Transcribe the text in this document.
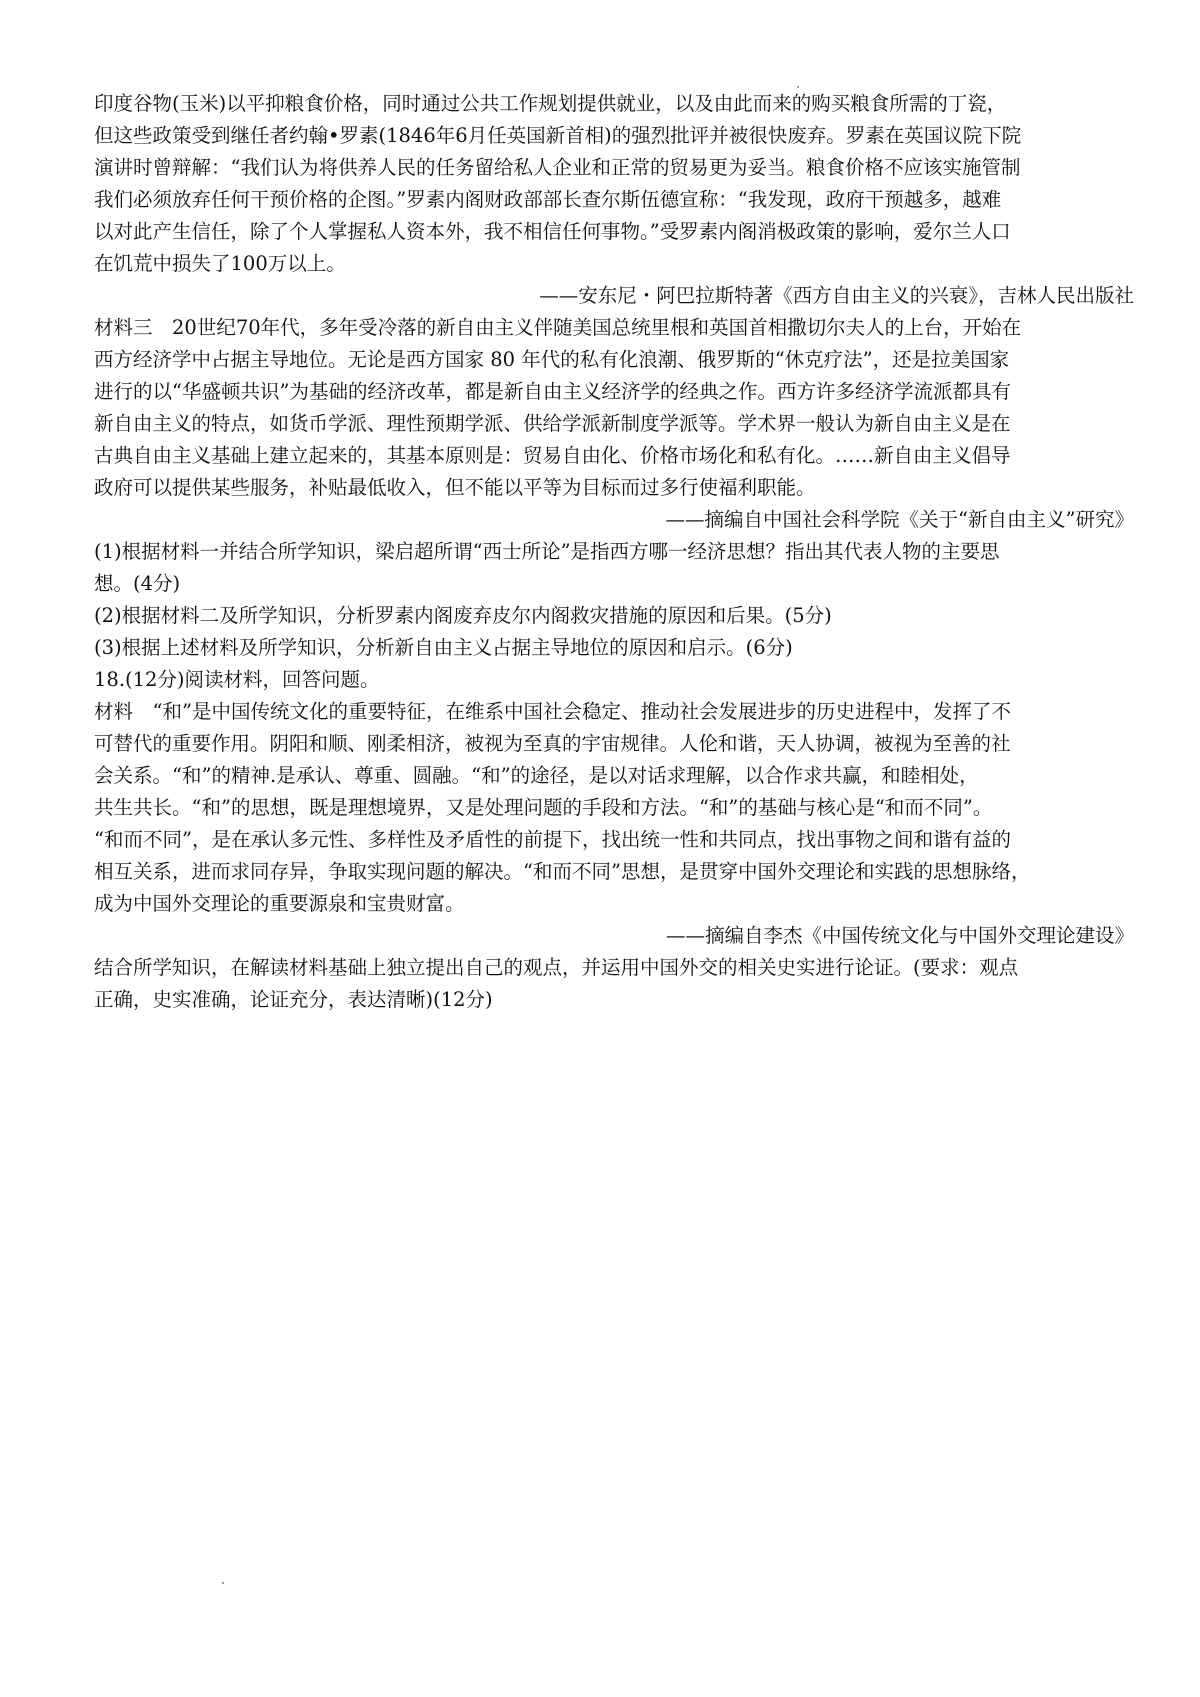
印度谷物(玉米)以平抑粮食价格，同时通过公共工作规划提供就业，以及由此而来的购买粮食所需的丁瓷，
但这些政策受到继任者约翰•罗素(1846年6月任英国新首相)的强烈批评并被很快废弃。罗素在英国议院下院
演讲时曾辩解：“我们认为将供养人民的任务留给私人企业和正常的贸易更为妥当。粮食价格不应该实施管制
我们必须放弃任何干预价格的企图。”罗素内阁财政部部长查尔斯伍德宣称：“我发现，政府干预越多，越难
以对此产生信任，除了个人掌握私人资本外，我不相信任何事物。”受罗素内阁消极政策的影响，爱尔兰人口
在饥荒中损失了100万以上。
——安东尼・阿巴拉斯特著《西方自由主义的兴衰》，吉林人民出版社
材料三　20世纪70年代，多年受冷落的新自由主义伴随美国总统里根和英国首相撒切尔夫人的上台，开始在
西方经济学中占据主导地位。无论是西方国家 80 年代的私有化浪潮、俄罗斯的“休克疗法”，还是拉美国家
进行的以“华盛顿共识”为基础的经济改革，都是新自由主义经济学的经典之作。西方许多经济学流派都具有
新自由主义的特点，如货币学派、理性预期学派、供给学派新制度学派等。学术界一般认为新自由主义是在
古典自由主义基础上建立起来的，其基本原则是：贸易自由化、价格市场化和私有化。……新自由主义倡导
政府可以提供某些服务，补贴最低收入，但不能以平等为目标而过多行使福利职能。
——摘编自中国社会科学院《关于“新自由主义”研究》
(1)根据材料一并结合所学知识，梁启超所谓“西士所论”是指西方哪一经济思想？指出其代表人物的主要思
想。(4分)
(2)根据材料二及所学知识，分析罗素内阁废弃皮尔内阁救灾措施的原因和后果。(5分)
(3)根据上述材料及所学知识，分析新自由主义占据主导地位的原因和启示。(6分)
18.(12分)阅读材料，回答问题。
材料　“和”是中国传统文化的重要特征，在维系中国社会稳定、推动社会发展进步的历史进程中，发挥了不
可替代的重要作用。阴阳和顺、刚柔相济，被视为至真的宇宙规律。人伦和谐，天人协调，被视为至善的社
会关系。“和”的精神.是承认、尊重、圆融。“和”的途径，是以对话求理解，以合作求共赢，和睦相处，
共生共长。“和”的思想，既是理想境界，又是处理问题的手段和方法。“和”的基础与核心是“和而不同”。
“和而不同”，是在承认多元性、多样性及矛盾性的前提下，找出统一性和共同点，找出事物之间和谐有益的
相互关系，进而求同存异，争取实现问题的解决。“和而不同”思想，是贯穿中国外交理论和实践的思想脉络，
成为中国外交理论的重要源泉和宝贵财富。
——摘编自李杰《中国传统文化与中国外交理论建设》
结合所学知识，在解读材料基础上独立提出自己的观点，并运用中国外交的相关史实进行论证。(要求：观点
正确，史实准确，论证充分，表达清晰)(12分)
